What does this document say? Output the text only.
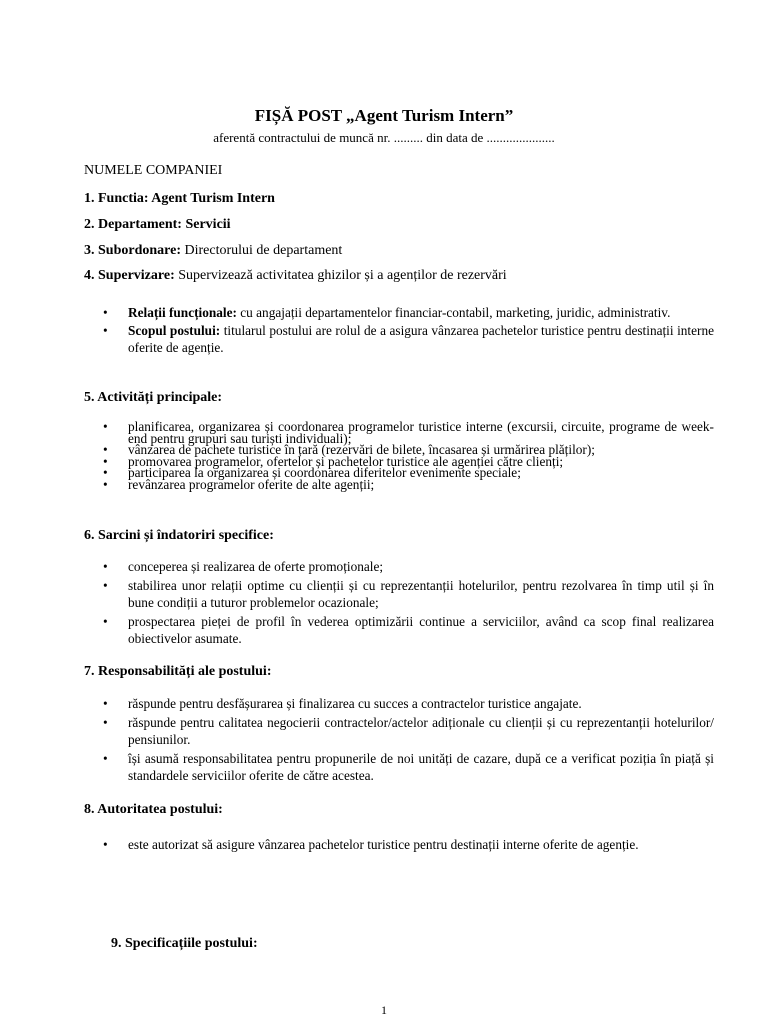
FIȘĂ POST „Agent Turism Intern”
aferentă contractului de muncă nr. ......... din data de .....................
NUMELE COMPANIEI
1. Functia: Agent Turism Intern
2. Departament: Servicii
3. Subordonare: Directorului de departament
4. Supervizare: Supervizează activitatea ghizilor și a agenților de rezervări
• Relații funcționale: cu angajații departamentelor financiar-contabil, marketing, juridic, administrativ.
• Scopul postului: titularul postului are rolul de a asigura vânzarea pachetelor turistice pentru destinații interne oferite de agenție.
5. Activități principale:
• planificarea, organizarea și coordonarea programelor turistice interne (excursii, circuite, programe de week-end pentru grupuri sau turiști individuali);
• vânzarea de pachete turistice în țară (rezervări de bilete, încasarea și urmărirea plăților);
• promovarea programelor, ofertelor și pachetelor turistice ale agenției către clienți;
• participarea la organizarea și coordonarea diferitelor evenimente speciale;
• revânzarea programelor oferite de alte agenții;
6. Sarcini și îndatoriri specifice:
• conceperea și realizarea de oferte promoționale;
• stabilirea unor relații optime cu clienții și cu reprezentanții hotelurilor, pentru rezolvarea în timp util și în bune condiții a tuturor problemelor ocazionale;
• prospectarea pieței de profil în vederea optimizării continue a serviciilor, având ca scop final realizarea obiectivelor asumate.
7. Responsabilități ale postului:
• răspunde pentru desfășurarea și finalizarea cu succes a contractelor turistice angajate.
• răspunde pentru calitatea negocierii contractelor/actelor adiționale cu clienții și cu reprezentanții hotelurilor/ pensiunilor.
• își asumă responsabilitatea pentru propunerile de noi unități de cazare, după ce a verificat poziția în piață și standardele serviciilor oferite de către acestea.
8. Autoritatea postului:
• este autorizat să asigure vânzarea pachetelor turistice pentru destinații interne oferite de agenție.
9. Specificațiile postului:
1
